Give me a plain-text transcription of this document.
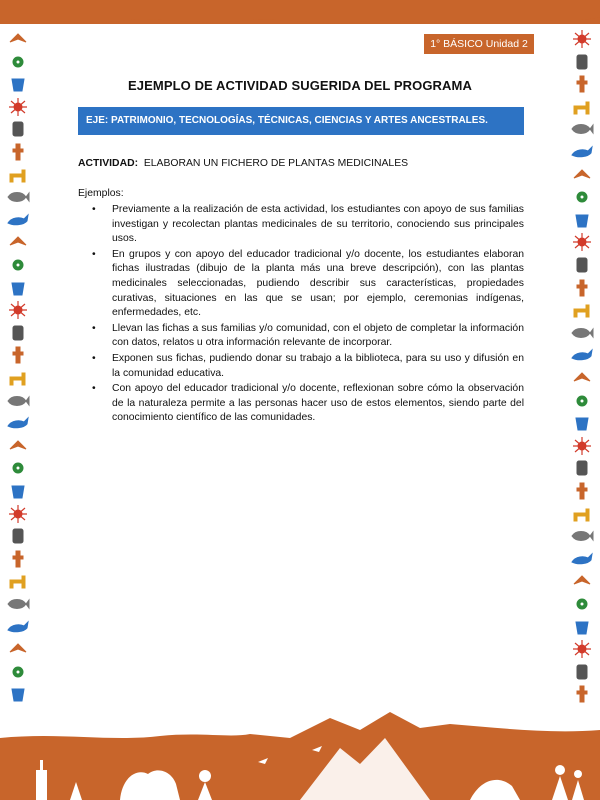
1° BÁSICO Unidad 2
EJEMPLO DE ACTIVIDAD SUGERIDA DEL PROGRAMA
EJE: PATRIMONIO, TECNOLOGÍAS, TÉCNICAS, CIENCIAS Y ARTES ANCESTRALES.
ACTIVIDAD: ELABORAN UN FICHERO DE PLANTAS MEDICINALES
Ejemplos:
• Previamente a la realización de esta actividad, los estudiantes con apoyo de sus familias investigan y recolectan plantas medicinales de su territorio, conociendo sus principales usos.
• En grupos y con apoyo del educador tradicional y/o docente, los estudiantes elaboran fichas ilustradas (dibujo de la planta más una breve descripción), con las plantas medicinales seleccionadas, pudiendo describir sus características, propiedades curativas, situaciones en las que se usan; por ejemplo, ceremonias indígenas, enfermedades, etc.
• Llevan las fichas a sus familias y/o comunidad, con el objeto de completar la información con datos, relatos u otra información relevante de incorporar.
• Exponen sus fichas, pudiendo donar su trabajo a la biblioteca, para su uso y difusión en la comunidad educativa.
• Con apoyo del educador tradicional y/o docente, reflexionan sobre cómo la observación de la naturaleza permite a las personas hacer uso de estos elementos, siendo parte del conocimiento científico de las comunidades.
